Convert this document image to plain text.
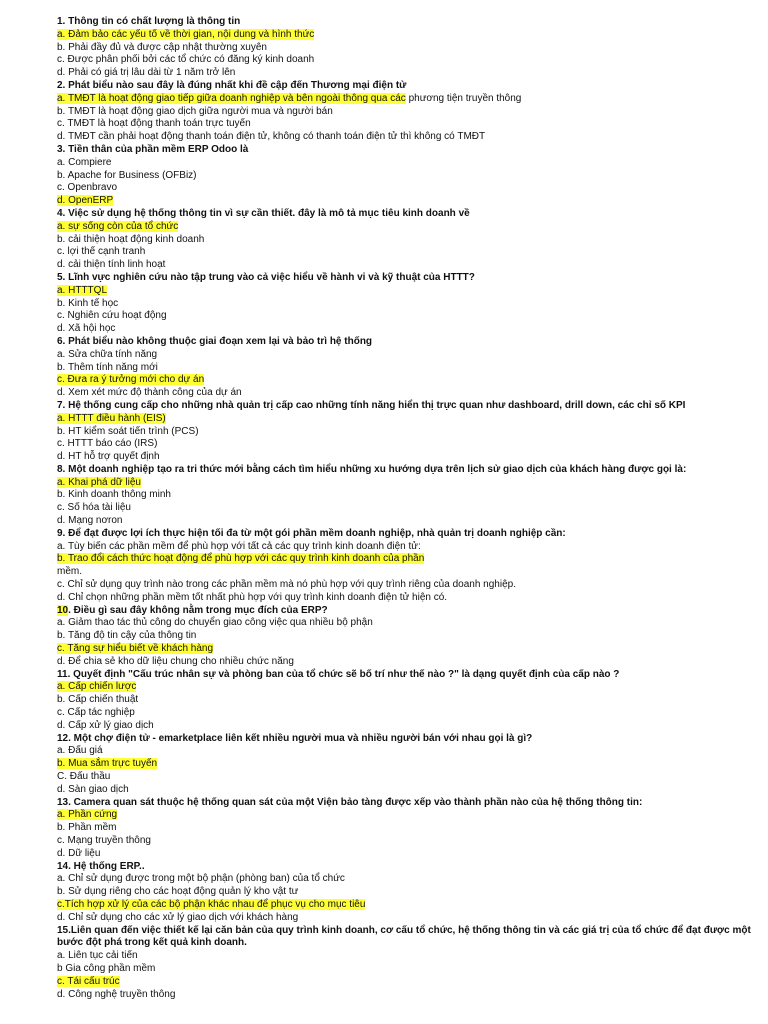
1. Thông tin có chất lượng là thông tin
a. Đảm bảo các yếu tố về thời gian, nội dung và hình thức
b. Phải đầy đủ và được cập nhật thường xuyên
c. Được phân phối bởi các tổ chức có đăng ký kinh doanh
d. Phải có giá trị lâu dài từ 1 năm trở lên
2. Phát biểu nào sau đây là đúng nhất khi đề cập đến Thương mại điện tử
a. TMĐT là hoạt động giao tiếp giữa doanh nghiệp và bên ngoài thông qua các phương tiện truyền thông
b. TMĐT là hoạt động giao dịch giữa người mua và người bán
c. TMĐT là hoạt động thanh toán trực tuyến
d. TMĐT cần phải hoạt động thanh toán điện tử, không có thanh toán điện tử thì không có TMĐT
3. Tiền thân của phần mềm ERP Odoo là
a. Compiere
b. Apache for Business (OFBiz)
c. Openbravo
d. OpenERP
4. Việc sử dụng hệ thống thông tin vì sự cần thiết. đây là mô tả mục tiêu kinh doanh về
a. sự sống còn của tổ chức
b. cải thiện hoạt động kinh doanh
c. lợi thế cạnh tranh
d. cải thiện tính linh hoạt
5. Lĩnh vực nghiên cứu nào tập trung vào cả việc hiểu về hành vi và kỹ thuật của HTTT?
a. HTTTQL
b. Kinh tế học
c. Nghiên cứu hoạt động
d. Xã hội học
6. Phát biểu nào không thuộc giai đoạn xem lại và bảo trì hệ thống
a. Sửa chữa tính năng
b. Thêm tính năng mới
c. Đưa ra ý tưởng mới cho dự án
d. Xem xét mức độ thành công của dự án
7. Hệ thống cung cấp cho những nhà quản trị cấp cao những tính năng hiển thị trực quan như dashboard, drill down, các chỉ số KPI
a. HTTT điều hành (EIS)
b. HT kiểm soát tiến trình (PCS)
c. HTTT báo cáo (IRS)
d. HT hỗ trợ quyết định
8. Một doanh nghiệp tạo ra tri thức mới bằng cách tìm hiểu những xu hướng dựa trên lịch sử giao dịch của khách hàng được gọi là:
a. Khai phá dữ liệu
b. Kinh doanh thông minh
c. Số hóa tài liệu
d. Mạng nơron
9. Để đạt được lợi ích thực hiện tối đa từ một gói phần mềm doanh nghiệp, nhà quản trị doanh nghiệp cần:
a. Tùy biến các phần mềm để phù hợp với tất cả các quy trình kinh doanh điện tử:
b. Trao đổi cách thức hoạt động để phù hợp với các quy trình kinh doanh của phần
mềm.
c. Chỉ sử dụng quy trình nào trong các phần mềm mà nó phù hợp với quy trình riêng của doanh nghiệp.
d. Chỉ chọn những phần mềm tốt nhất phù hợp với quy trình kinh doanh điện tử hiện có.
10. Điều gì sau đây không nằm trong mục đích của ERP?
a. Giảm thao tác thủ công do chuyển giao công việc qua nhiều bộ phận
b. Tăng độ tin cậy của thông tin
c. Tăng sự hiểu biết về khách hàng
d. Để chia sẻ kho dữ liệu chung cho nhiều chức năng
11. Quyết định "Cấu trúc nhân sự và phòng ban của tổ chức sẽ bố trí như thế nào ?" là dạng quyết định của cấp nào ?
a. Cấp chiến lược
b. Cấp chiến thuật
c. Cấp tác nghiệp
d. Cấp xử lý giao dịch
12. Một chợ điện tử - emarketplace liên kết nhiều người mua và nhiều người bán với nhau gọi là gì?
a. Đấu giá
b. Mua sắm trực tuyến
C. Đấu thầu
d. Sàn giao dịch
13. Camera quan sát thuộc hệ thống quan sát của một Viện bảo tàng được xếp vào thành phần nào của hệ thống thông tin:
a. Phần cứng
b. Phần mềm
c. Mạng truyền thông
d. Dữ liệu
14. Hệ thống ERP..
a. Chỉ sử dụng được trong một bộ phận (phòng ban) của tổ chức
b. Sử dụng riêng cho các hoạt động quản lý kho vật tư
c.Tích hợp xử lý của các bộ phận khác nhau để phục vụ cho mục tiêu
d. Chỉ sử dụng cho các xử lý giao dịch với khách hàng
15.Liên quan đến việc thiết kế lại căn bản của quy trình kinh doanh, cơ cấu tổ chức, hệ thống thông tin và các giá trị của tổ chức để đạt được một bước đột phá trong kết quả kinh doanh.
a. Liên tục cải tiến
b Gia công phần mềm
c. Tái cấu trúc
d. Công nghệ truyền thông
